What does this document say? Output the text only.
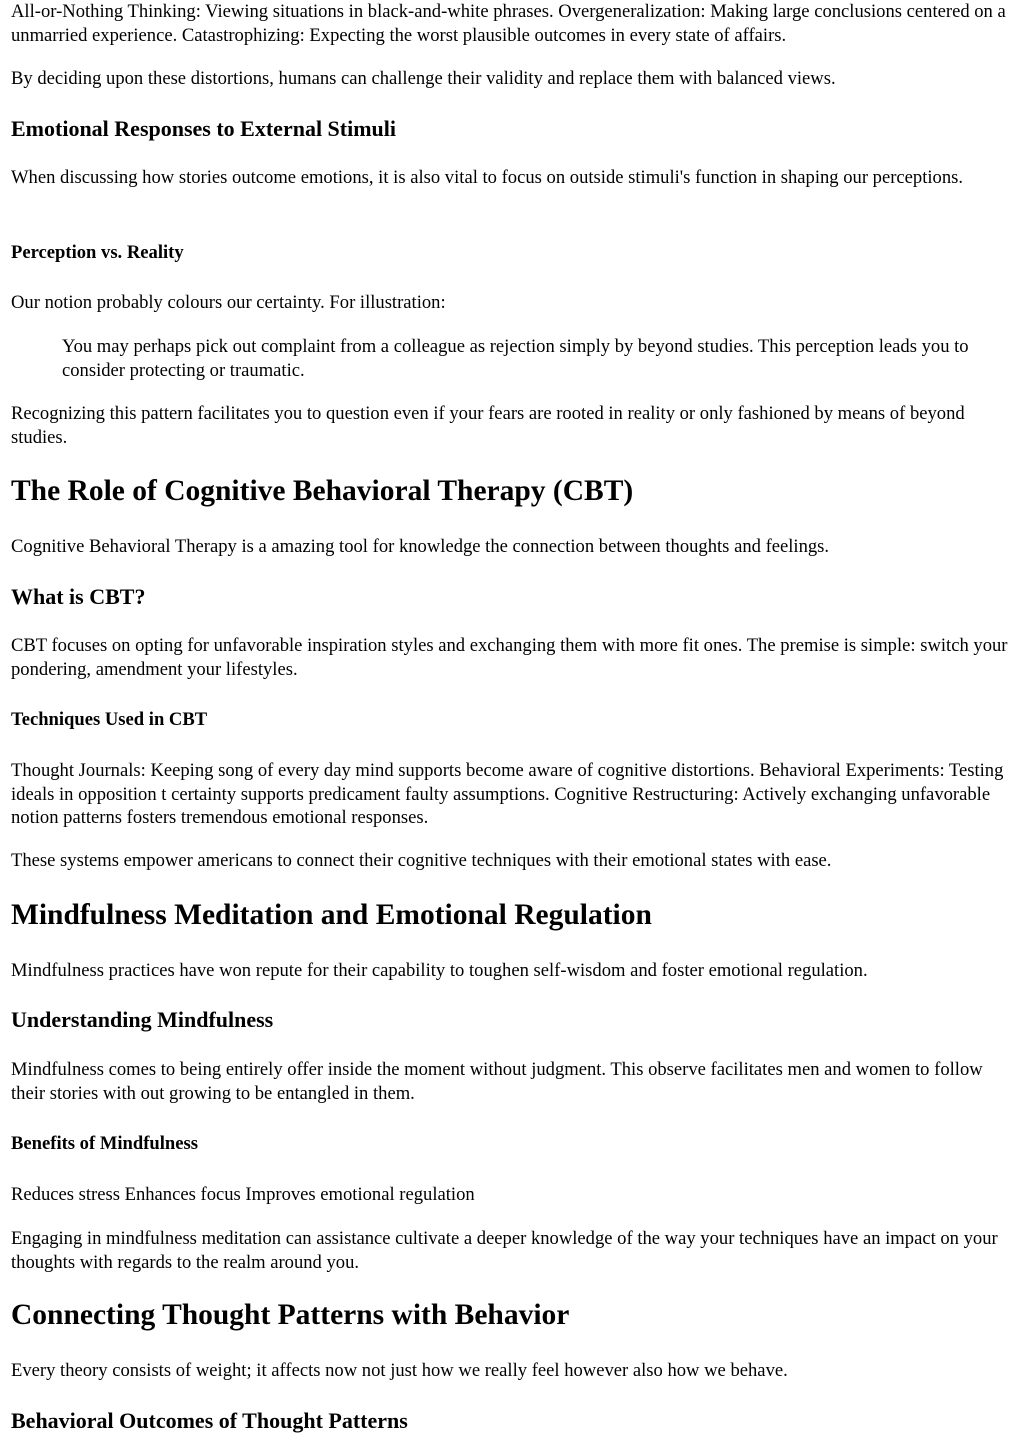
All-or-Nothing Thinking: Viewing situations in black-and-white phrases. Overgeneralization: Making large conclusions centered on a unmarried experience. Catastrophizing: Expecting the worst plausible outcomes in every state of affairs.

By deciding upon these distortions, humans can challenge their validity and replace them with balanced views.

Emotional Responses to External Stimuli

When discussing how stories outcome emotions, it is also vital to focus on outside stimuli's function in shaping our perceptions.

Perception vs. Reality

Our notion probably colours our certainty. For illustration:

You may perhaps pick out complaint from a colleague as rejection simply by beyond studies. This perception leads you to consider protecting or traumatic.

Recognizing this pattern facilitates you to question even if your fears are rooted in reality or only fashioned by means of beyond studies.

The Role of Cognitive Behavioral Therapy (CBT)

Cognitive Behavioral Therapy is a amazing tool for knowledge the connection between thoughts and feelings.

What is CBT?

CBT focuses on opting for unfavorable inspiration styles and exchanging them with more fit ones. The premise is simple: switch your pondering, amendment your lifestyles.

Techniques Used in CBT

Thought Journals: Keeping song of every day mind supports become aware of cognitive distortions. Behavioral Experiments: Testing ideals in opposition t certainty supports predicament faulty assumptions. Cognitive Restructuring: Actively exchanging unfavorable notion patterns fosters tremendous emotional responses.

These systems empower americans to connect their cognitive techniques with their emotional states with ease.

Mindfulness Meditation and Emotional Regulation

Mindfulness practices have won repute for their capability to toughen self-wisdom and foster emotional regulation.

Understanding Mindfulness

Mindfulness comes to being entirely offer inside the moment without judgment. This observe facilitates men and women to follow their stories with out growing to be entangled in them.

Benefits of Mindfulness

Reduces stress Enhances focus Improves emotional regulation

Engaging in mindfulness meditation can assistance cultivate a deeper knowledge of the way your techniques have an impact on your thoughts with regards to the realm around you.

Connecting Thought Patterns with Behavior

Every theory consists of weight; it affects now not just how we really feel however also how we behave.

Behavioral Outcomes of Thought Patterns
